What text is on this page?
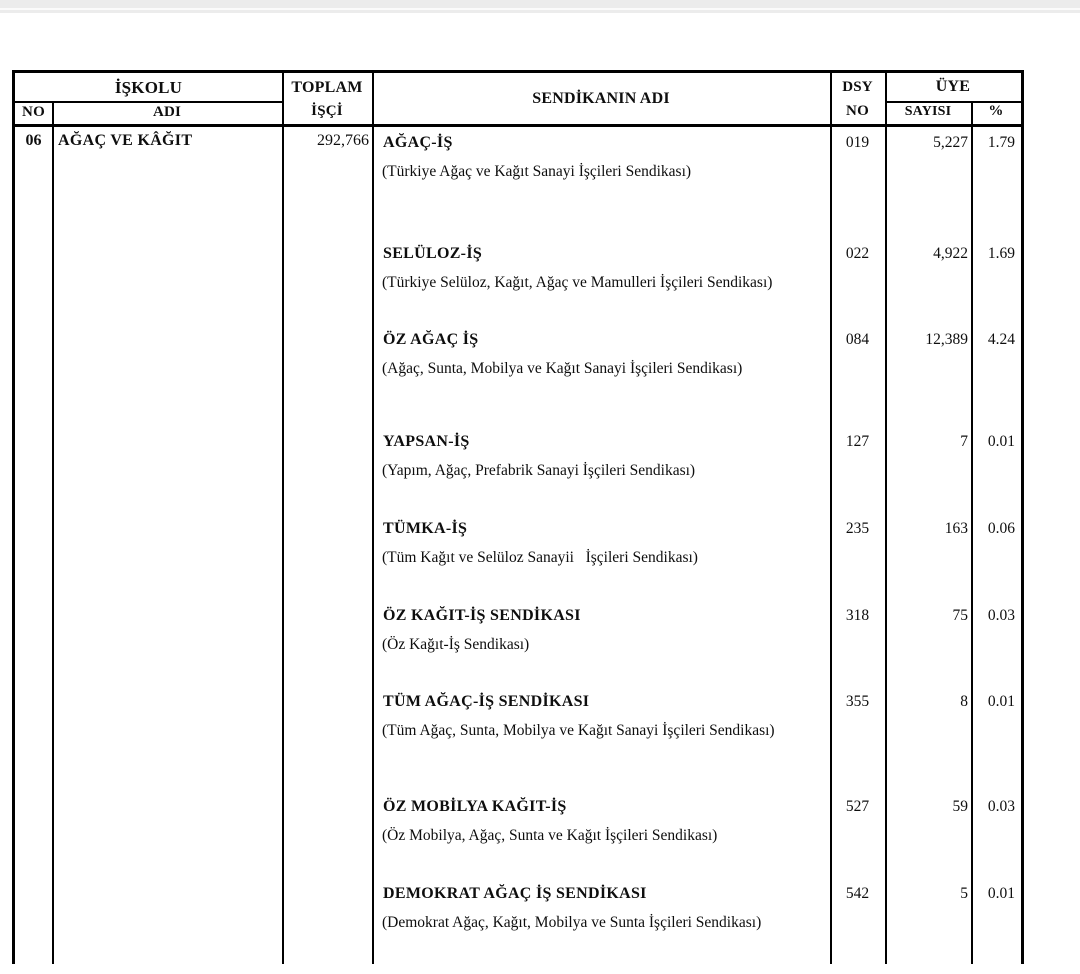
İŞKOLU	TOPLAM
SENDİKANIN ADI
DSY	ÜYE
NO	ADI	İŞÇİ	NO	SAYISI	%
06	AĞAÇ VE KÂĞIT	292,766 AĞAÇ-İŞ
(Türkiye Ağaç ve Kağıt Sanayi İşçileri Sendikası)
019	5,227	1.79
SELÜLOZ-İŞ
(Türkiye Selüloz, Kağıt, Ağaç ve Mamulleri İşçileri Sendikası)
022	4,922	1.69
ÖZ AĞAÇ İŞ
(Ağaç, Sunta, Mobilya ve Kağıt Sanayi İşçileri Sendikası)
084	12,389	4.24
YAPSAN-İŞ
(Yapım, Ağaç, Prefabrik Sanayi İşçileri Sendikası)
127	7	0.01
TÜMKA-İŞ
(Tüm Kağıt ve Selüloz Sanayii   İşçileri Sendikası)
235	163	0.06
ÖZ KAĞIT-İŞ SENDİKASI
(Öz Kağıt-İş Sendikası)
318	75	0.03
TÜM AĞAÇ-İŞ SENDİKASI
(Tüm Ağaç, Sunta, Mobilya ve Kağıt Sanayi İşçileri Sendikası)
355	8	0.01
ÖZ MOBİLYA KAĞIT-İŞ
(Öz Mobilya, Ağaç, Sunta ve Kağıt İşçileri Sendikası)
527	59	0.03
DEMOKRAT AĞAÇ İŞ SENDİKASI
(Demokrat Ağaç, Kağıt, Mobilya ve Sunta İşçileri Sendikası)
542	5	0.01
